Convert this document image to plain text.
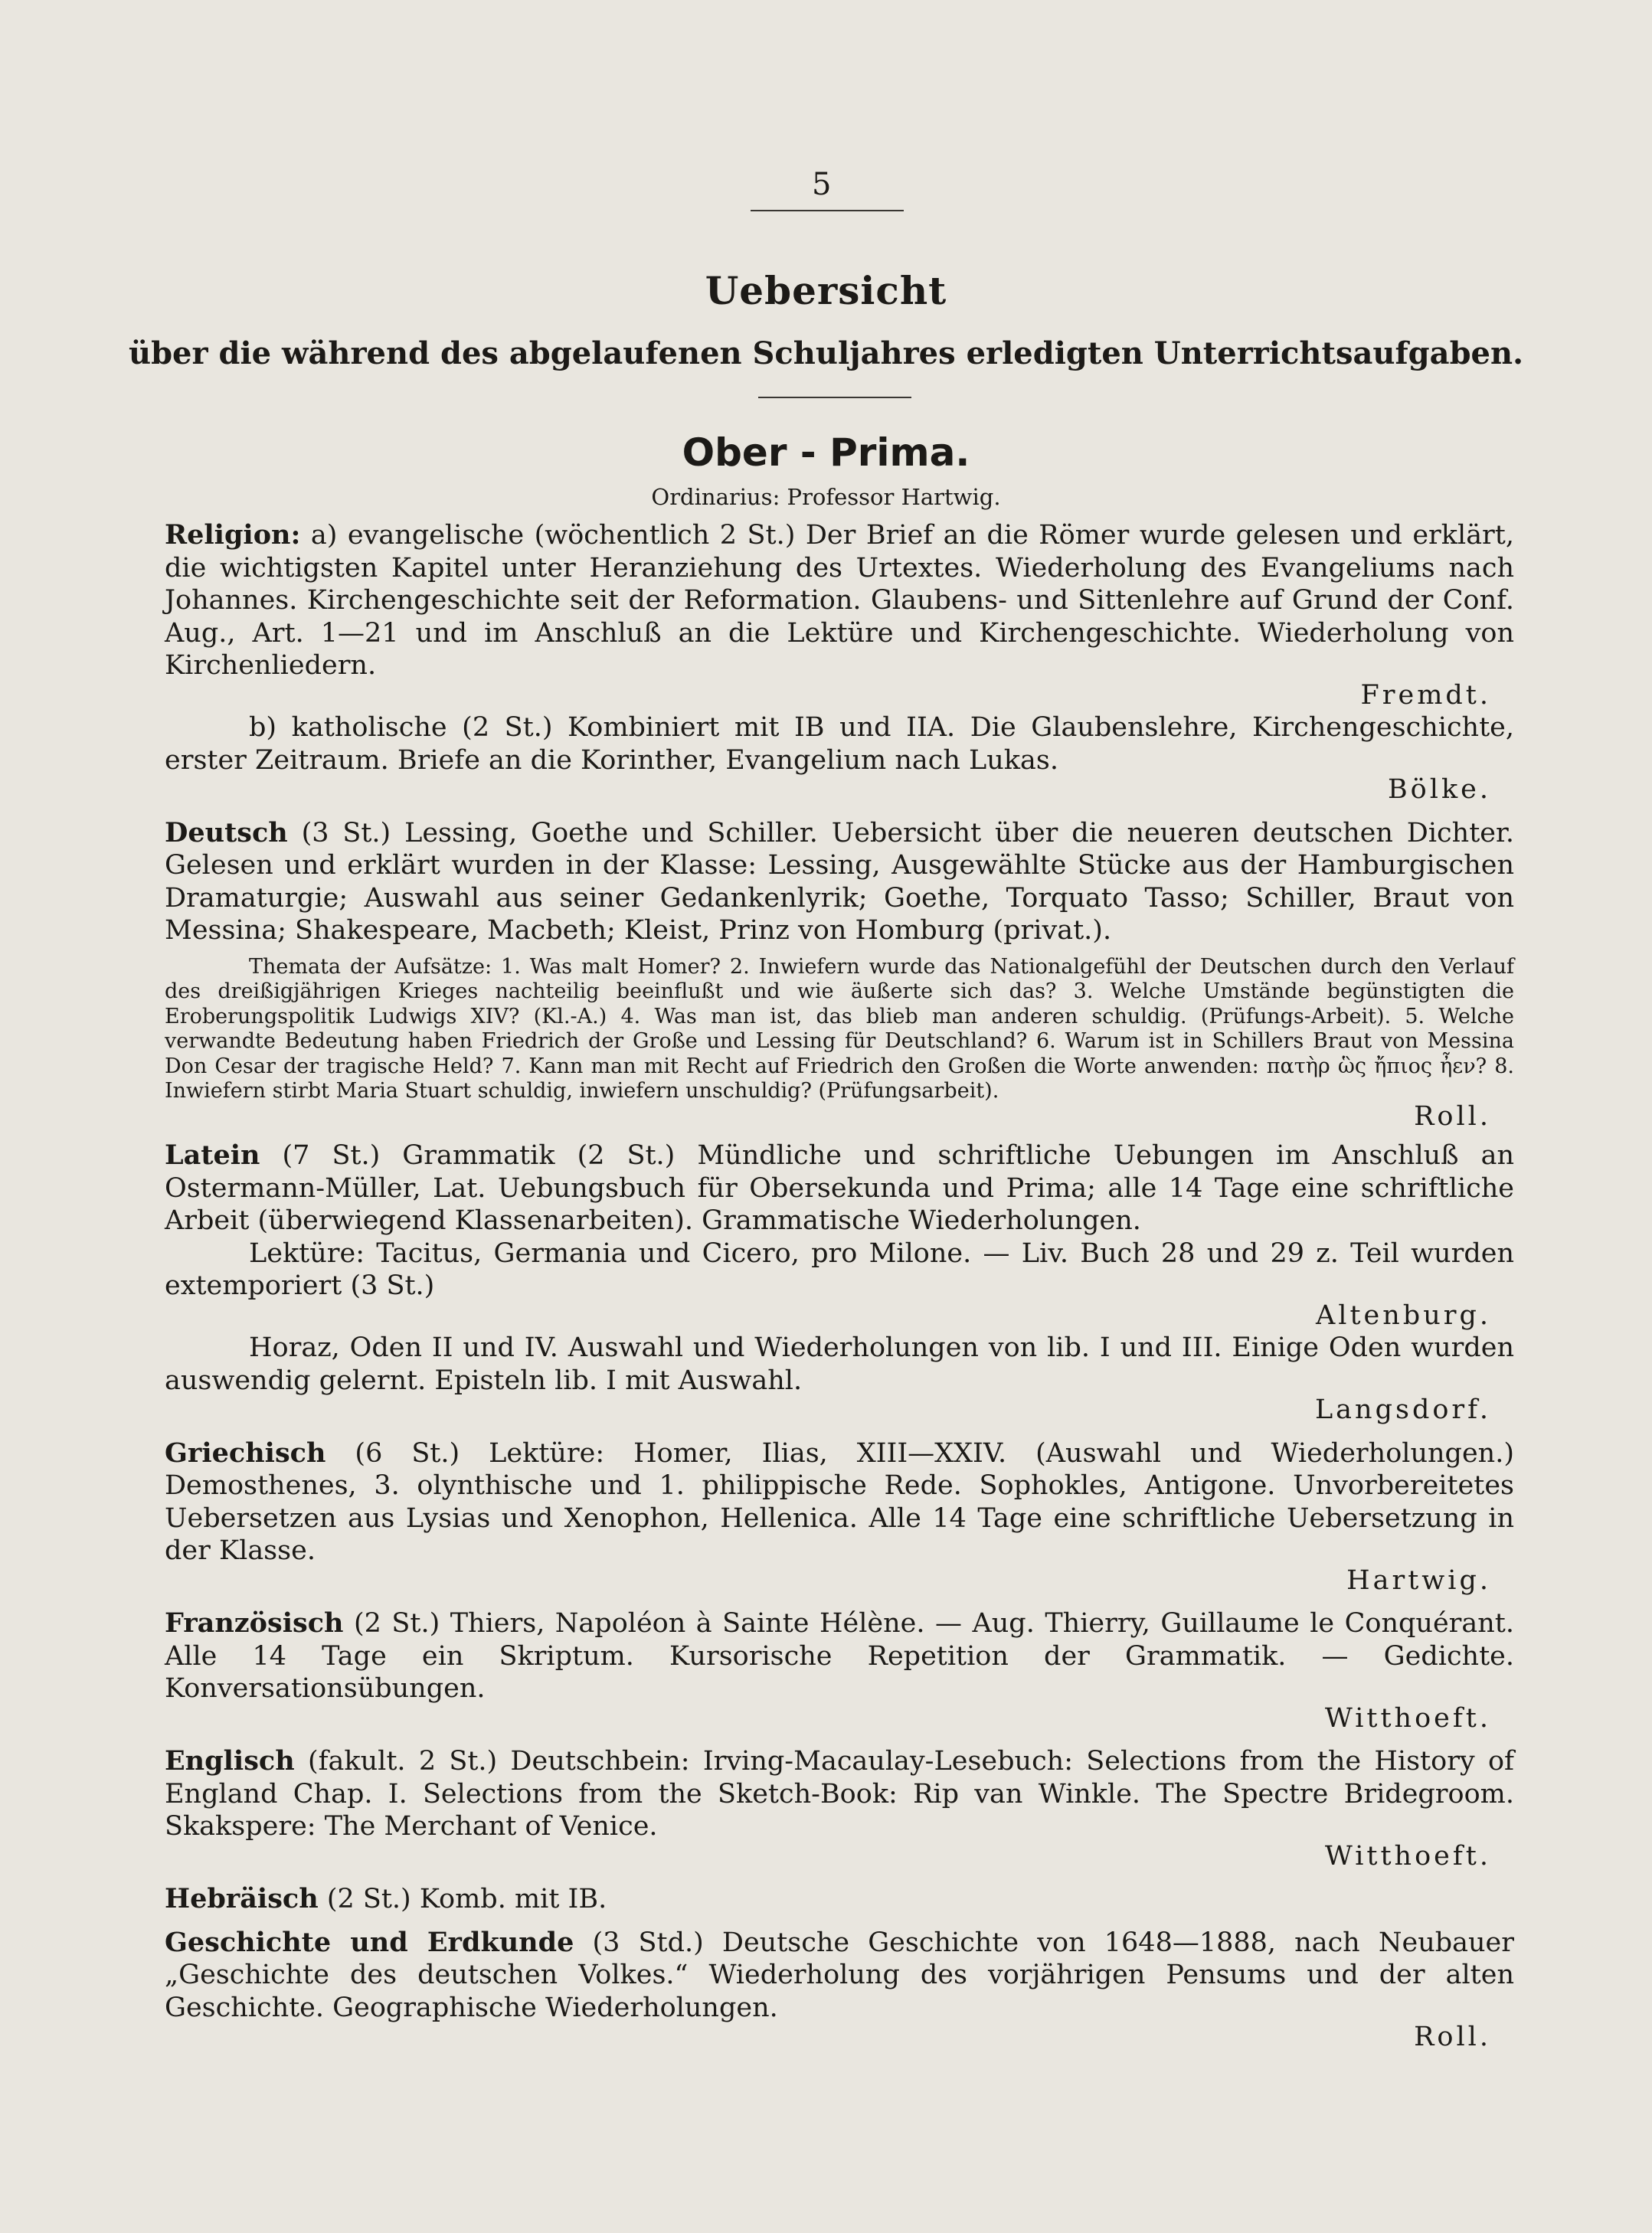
5
Uebersicht
über die während des abgelaufenen Schuljahres erledigten Unterrichtsaufgaben.
Ober - Prima.
Ordinarius: Professor Hartwig.
Religion: a) evangelische (wöchentlich 2 St.) Der Brief an die Römer wurde gelesen und erklärt, die wichtigsten Kapitel unter Heranziehung des Urtextes. Wiederholung des Evangeliums nach Johannes. Kirchengeschichte seit der Reformation. Glaubens- und Sittenlehre auf Grund der Conf. Aug., Art. 1—21 und im Anschluß an die Lektüre und Kirchengeschichte. Wiederholung von Kirchenliedern.
Fremdt.
b) katholische (2 St.) Kombiniert mit IB und IIA. Die Glaubenslehre, Kirchengeschichte, erster Zeitraum. Briefe an die Korinther, Evangelium nach Lukas.
Bölke.
Deutsch (3 St.) Lessing, Goethe und Schiller. Uebersicht über die neueren deutschen Dichter. Gelesen und erklärt wurden in der Klasse: Lessing, Ausgewählte Stücke aus der Hamburgischen Dramaturgie; Auswahl aus seiner Gedankenlyrik; Goethe, Torquato Tasso; Schiller, Braut von Messina; Shakespeare, Macbeth; Kleist, Prinz von Homburg (privat.).
Themata der Aufsätze: 1. Was malt Homer? 2. Inwiefern wurde das Nationalgefühl der Deutschen durch den Verlauf des dreißigjährigen Krieges nachteilig beeinflußt und wie äußerte sich das? 3. Welche Umstände begünstigten die Eroberungspolitik Ludwigs XIV? (Kl.-A.) 4. Was man ist, das blieb man anderen schuldig. (Prüfungs-Arbeit). 5. Welche verwandte Bedeutung haben Friedrich der Große und Lessing für Deutschland? 6. Warum ist in Schillers Braut von Messina Don Cesar der tragische Held? 7. Kann man mit Recht auf Friedrich den Großen die Worte anwenden: πατὴρ ὣς ἤπιος ἦεν? 8. Inwiefern stirbt Maria Stuart schuldig, inwiefern unschuldig? (Prüfungsarbeit).
Roll.
Latein (7 St.) Grammatik (2 St.) Mündliche und schriftliche Uebungen im Anschluß an Ostermann-Müller, Lat. Uebungsbuch für Obersekunda und Prima; alle 14 Tage eine schriftliche Arbeit (überwiegend Klassenarbeiten). Grammatische Wiederholungen.
Lektüre: Tacitus, Germania und Cicero, pro Milone. — Liv. Buch 28 und 29 z. Teil wurden extemporiert (3 St.)
Altenburg.
Horaz, Oden II und IV. Auswahl und Wiederholungen von lib. I und III. Einige Oden wurden auswendig gelernt. Episteln lib. I mit Auswahl.
Langsdorf.
Griechisch (6 St.) Lektüre: Homer, Ilias, XIII—XXIV. (Auswahl und Wiederholungen.) Demosthenes, 3. olynthische und 1. philippische Rede. Sophokles, Antigone. Unvorbereitetes Uebersetzen aus Lysias und Xenophon, Hellenica. Alle 14 Tage eine schriftliche Uebersetzung in der Klasse.
Hartwig.
Französisch (2 St.) Thiers, Napoléon à Sainte Hélène. — Aug. Thierry, Guillaume le Conquérant. Alle 14 Tage ein Skriptum. Kursorische Repetition der Grammatik. — Gedichte. Konversationsübungen.
Witthoeft.
Englisch (fakult. 2 St.) Deutschbein: Irving-Macaulay-Lesebuch: Selections from the History of England Chap. I. Selections from the Sketch-Book: Rip van Winkle. The Spectre Bridegroom. Skakspere: The Merchant of Venice.
Witthoeft.
Hebräisch (2 St.) Komb. mit IB.
Geschichte und Erdkunde (3 Std.) Deutsche Geschichte von 1648—1888, nach Neubauer „Geschichte des deutschen Volkes.“ Wiederholung des vorjährigen Pensums und der alten Geschichte. Geographische Wiederholungen.
Roll.
